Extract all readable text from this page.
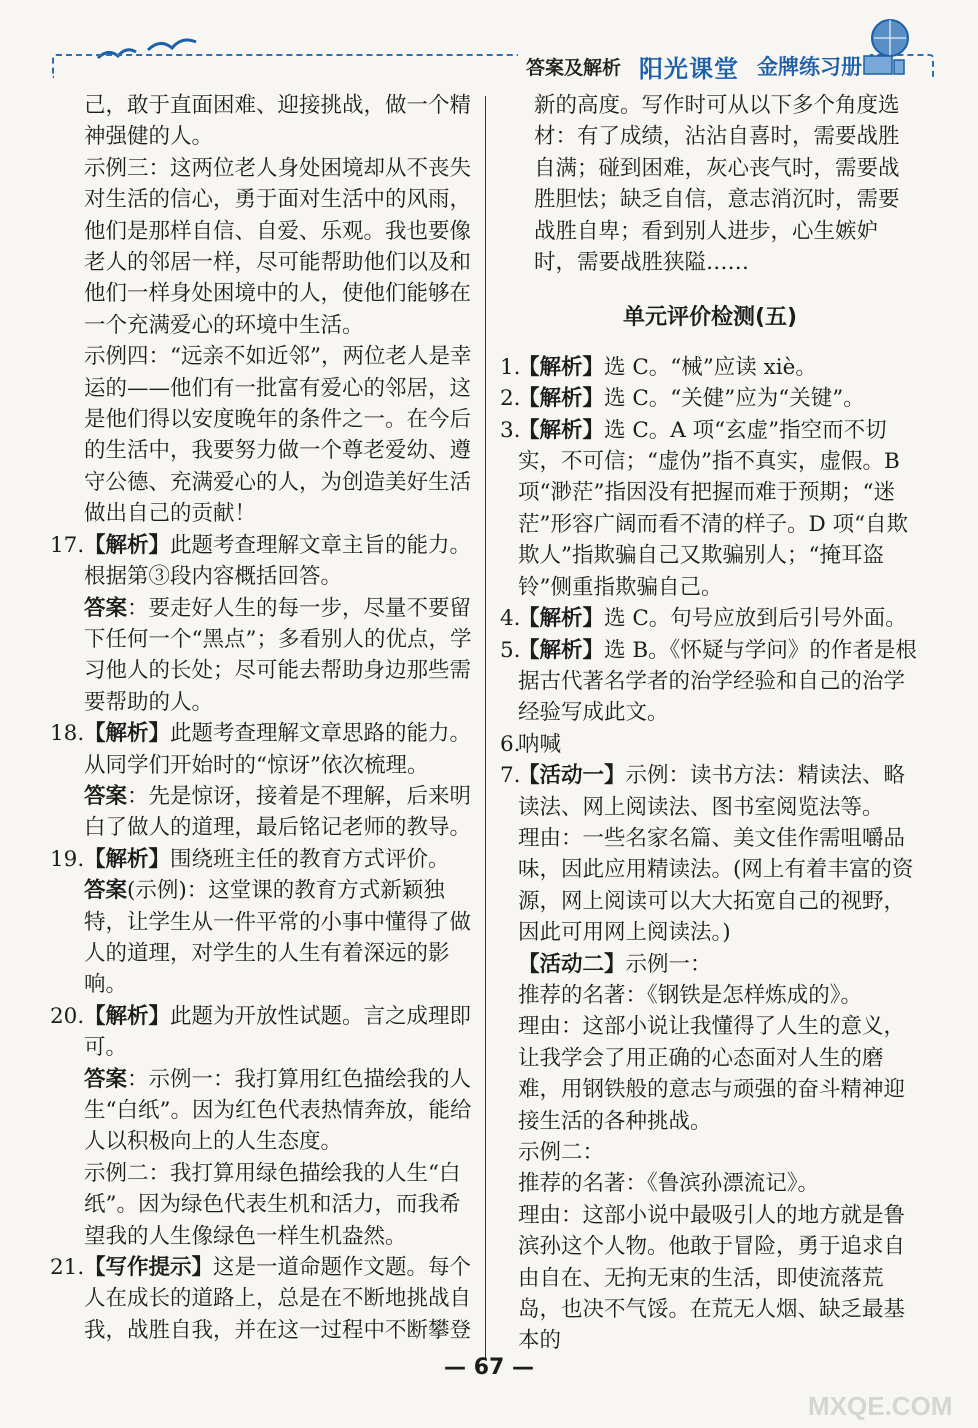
答案及解析 阳光课堂 金牌练习册

己，敢于直面困难、迎接挑战，做一个精神强健的人。

示例三：这两位老人身处困境却从不丧失对生活的信心，勇于面对生活中的风雨，他们是那样自信、自爱、乐观。我也要像老人的邻居一样，尽可能帮助他们以及和他们一样身处困境中的人，使他们能够在一个充满爱心的环境中生活。

示例四：“远亲不如近邻”，两位老人是幸运的——他们有一批富有爱心的邻居，这是他们得以安度晚年的条件之一。在今后的生活中，我要努力做一个尊老爱幼、遵守公德、充满爱心的人，为创造美好生活做出自己的贡献！

17. 【解析】此题考查理解文章主旨的能力。根据第③段内容概括回答。

答案：要走好人生的每一步，尽量不要留下任何一个“黑点”；多看别人的优点，学习他人的长处；尽可能去帮助身边那些需要帮助的人。

18. 【解析】此题考查理解文章思路的能力。从同学们开始时的“惊讶”依次梳理。

答案：先是惊讶，接着是不理解，后来明白了做人的道理，最后铭记老师的教导。

19. 【解析】围绕班主任的教育方式评价。

答案(示例)：这堂课的教育方式新颖独特，让学生从一件平常的小事中懂得了做人的道理，对学生的人生有着深远的影响。

20. 【解析】此题为开放性试题。言之成理即可。

答案：示例一：我打算用红色描绘我的人生“白纸”。因为红色代表热情奔放，能给人以积极向上的人生态度。

示例二：我打算用绿色描绘我的人生“白纸”。因为绿色代表生机和活力，而我希望我的人生像绿色一样生机盎然。

21. 【写作提示】这是一道命题作文题。每个人在成长的道路上，总是在不断地挑战自我，战胜自我，并在这一过程中不断攀登

新的高度。写作时可从以下多个角度选材：有了成绩，沾沾自喜时，需要战胜自满；碰到困难，灰心丧气时，需要战胜胆怯；缺乏自信，意志消沉时，需要战胜自卑；看到别人进步，心生嫉妒时，需要战胜狭隘……

单元评价检测(五)
1.
【解析】选 C。“械”应读 xiè。
2.
【解析】选 C。“关健”应为“关键”。
3.
【解析】选 C。A 项“玄虚”指空而不切实，不可信；“虚伪”指不真实，虚假。B 项“渺茫”指因没有把握而难于预期；“迷茫”形容广阔而看不清的样子。D 项“自欺欺人”指欺骗自己又欺骗别人；“掩耳盗铃”侧重指欺骗自己。
4.
【解析】选 C。句号应放到后引号外面。
5.
【解析】选 B。《怀疑与学问》的作者是根据古代著名学者的治学经验和自己的治学经验写成此文。
6.
呐喊
7.
【活动一】示例：读书方法：精读法、略读法、网上阅读法、图书室阅览法等。

理由：一些名家名篇、美文佳作需咀嚼品味，因此应用精读法。(网上有着丰富的资源，网上阅读可以大大拓宽自己的视野，因此可用网上阅读法。)

【活动二】示例一：

推荐的名著：《钢铁是怎样炼成的》。

理由：这部小说让我懂得了人生的意义，让我学会了用正确的心态面对人生的磨难，用钢铁般的意志与顽强的奋斗精神迎接生活的各种挑战。

示例二：

推荐的名著：《鲁滨孙漂流记》。

理由：这部小说中最吸引人的地方就是鲁滨孙这个人物。他敢于冒险，勇于追求自由自在、无拘无束的生活，即使流落荒岛，也决不气馁。在荒无人烟、缺乏最基本的

— 67 —
MXQE.COM
